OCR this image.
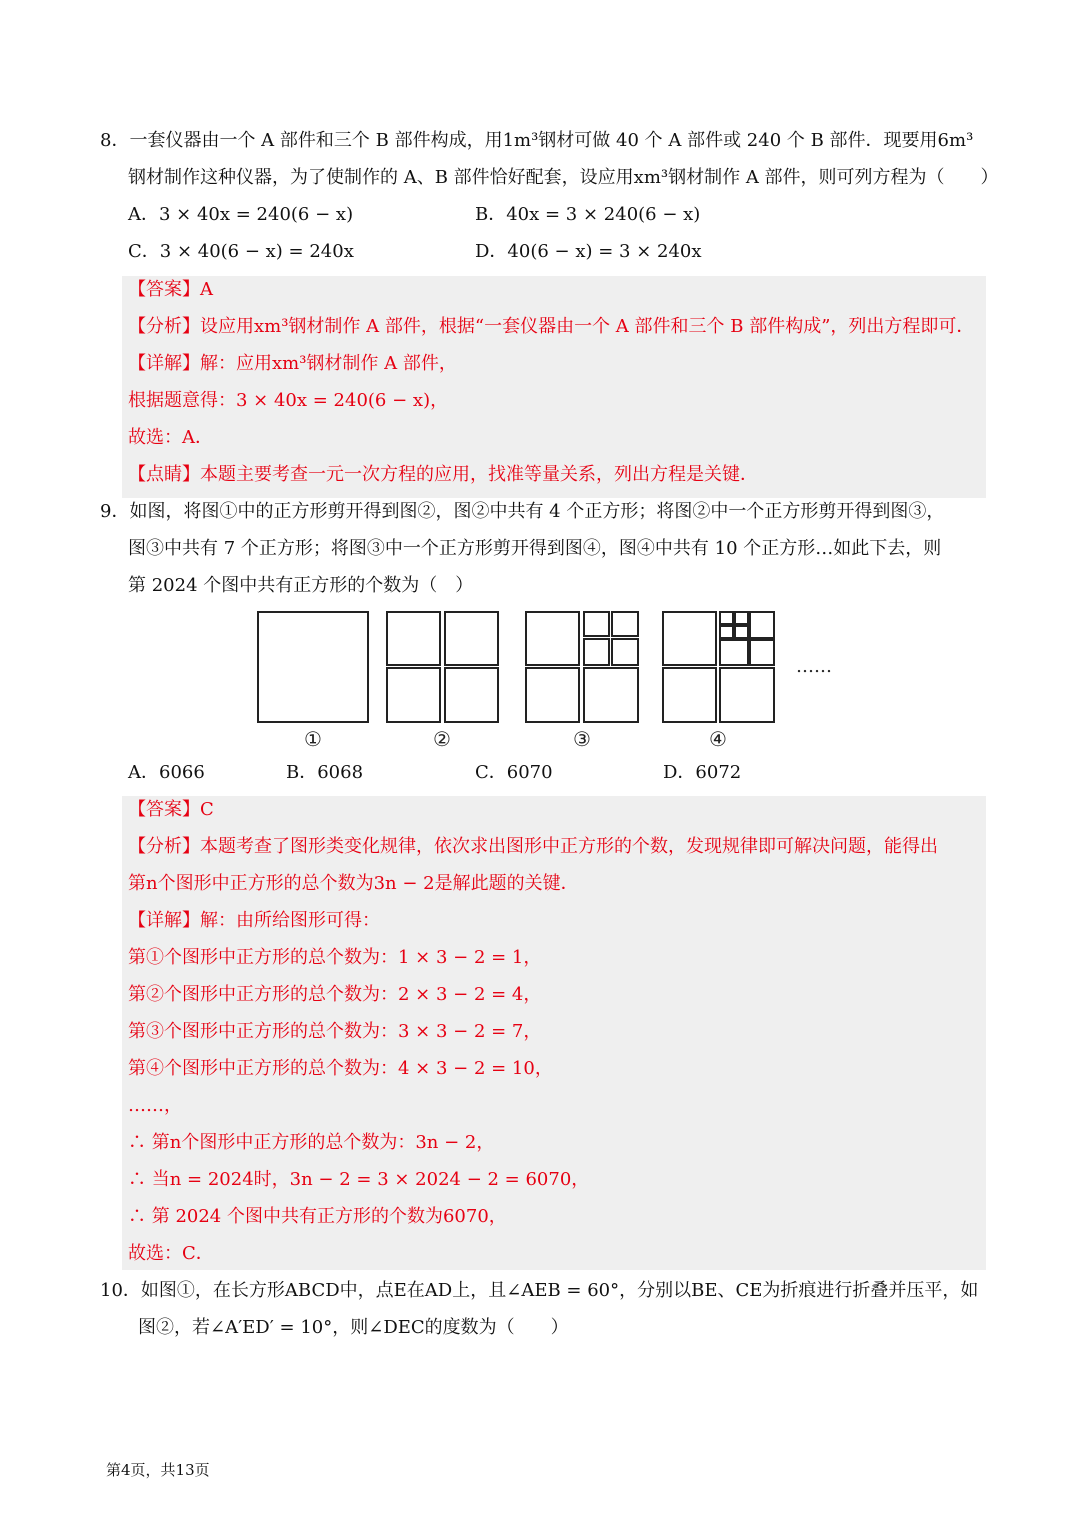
8．一套仪器由一个 A 部件和三个 B 部件构成，用1m³钢材可做 40 个 A 部件或 240 个 B 部件．现要用6m³
钢材制作这种仪器，为了使制作的 A、B 部件恰好配套，设应用xm³钢材制作 A 部件，则可列方程为（　　）
A．3 × 40x = 240(6 − x)	B．40x = 3 × 240(6 − x)
C．3 × 40(6 − x) = 240x	D．40(6 − x) = 3 × 240x
【答案】A
【分析】设应用xm³钢材制作 A 部件，根据“一套仪器由一个 A 部件和三个 B 部件构成”，列出方程即可．
【详解】解：应用xm³钢材制作 A 部件，
根据题意得：3 × 40x = 240(6 − x)，
故选：A．
【点睛】本题主要考查一元一次方程的应用，找准等量关系，列出方程是关键．
9．如图，将图①中的正方形剪开得到图②，图②中共有 4 个正方形；将图②中一个正方形剪开得到图③，
图③中共有 7 个正方形；将图③中一个正方形剪开得到图④，图④中共有 10 个正方形…如此下去，则
第 2024 个图中共有正方形的个数为（　）
①	②	③	④
……
A．6066	B．6068	C．6070	D．6072
【答案】C
【分析】本题考查了图形类变化规律，依次求出图形中正方形的个数，发现规律即可解决问题，能得出
第n个图形中正方形的总个数为3n − 2是解此题的关键．
【详解】解：由所给图形可得：
第①个图形中正方形的总个数为：1 × 3 − 2 = 1，
第②个图形中正方形的总个数为：2 × 3 − 2 = 4，
第③个图形中正方形的总个数为：3 × 3 − 2 = 7，
第④个图形中正方形的总个数为：4 × 3 − 2 = 10，
……，
∴ 第n个图形中正方形的总个数为：3n − 2，
∴ 当n = 2024时，3n − 2 = 3 × 2024 − 2 = 6070，
∴ 第 2024 个图中共有正方形的个数为6070，
故选：C．
10．如图①，在长方形ABCD中，点E在AD上，且∠AEB = 60°，分别以BE、CE为折痕进行折叠并压平，如
图②，若∠A′ED′ = 10°，则∠DEC的度数为（　　）
第4页，共13页
